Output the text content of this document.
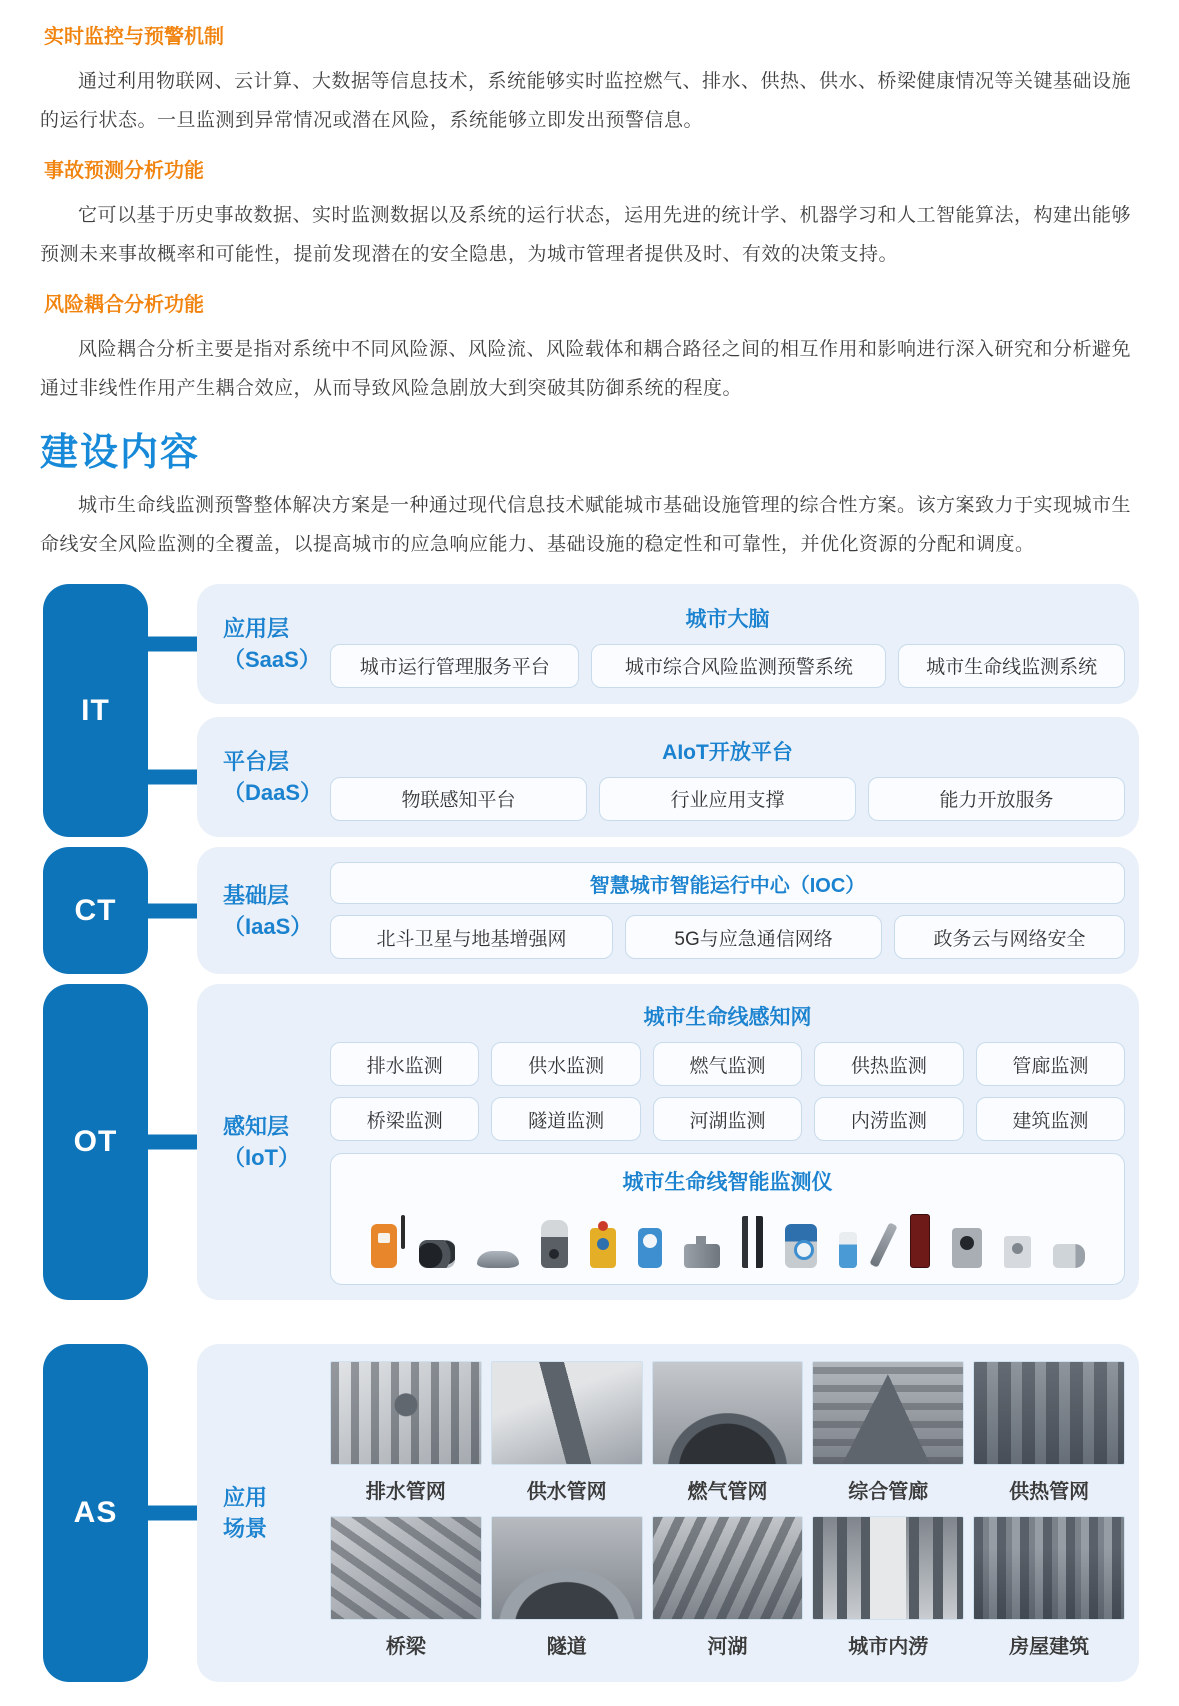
实时监控与预警机制

通过利用物联网、云计算、大数据等信息技术，系统能够实时监控燃气、排水、供热、供水、桥梁健康情况等关键基础设施的运行状态。一旦监测到异常情况或潜在风险，系统能够立即发出预警信息。

事故预测分析功能

它可以基于历史事故数据、实时监测数据以及系统的运行状态，运用先进的统计学、机器学习和人工智能算法，构建出能够预测未来事故概率和可能性，提前发现潜在的安全隐患，为城市管理者提供及时、有效的决策支持。

风险耦合分析功能

风险耦合分析主要是指对系统中不同风险源、风险流、风险载体和耦合路径之间的相互作用和影响进行深入研究和分析避免通过非线性作用产生耦合效应，从而导致风险急剧放大到突破其防御系统的程度。

建设内容

城市生命线监测预警整体解决方案是一种通过现代信息技术赋能城市基础设施管理的综合性方案。该方案致力于实现城市生命线安全风险监测的全覆盖，以提高城市的应急响应能力、基础设施的稳定性和可靠性，并优化资源的分配和调度。

IT
应用层
（SaaS）
城市大脑
城市运行管理服务平台	城市综合风险监测预警系统	城市生命线监测系统
平台层
（DaaS）
AIoT开放平台
物联感知平台	行业应用支撑	能力开放服务
CT	基础层
（IaaS）
智慧城市智能运行中心（IOC）
北斗卫星与地基增强网	5G与应急通信网络	政务云与网络安全
OT	感知层
（IoT）
城市生命线感知网
排水监测	供水监测	燃气监测	供热监测	管廊监测
桥梁监测	隧道监测	河湖监测	内涝监测	建筑监测
城市生命线智能监测仪
AS	应用
场景
排水管网	供水管网	燃气管网	综合管廊	供热管网
桥梁	隧道	河湖	城市内涝	房屋建筑
